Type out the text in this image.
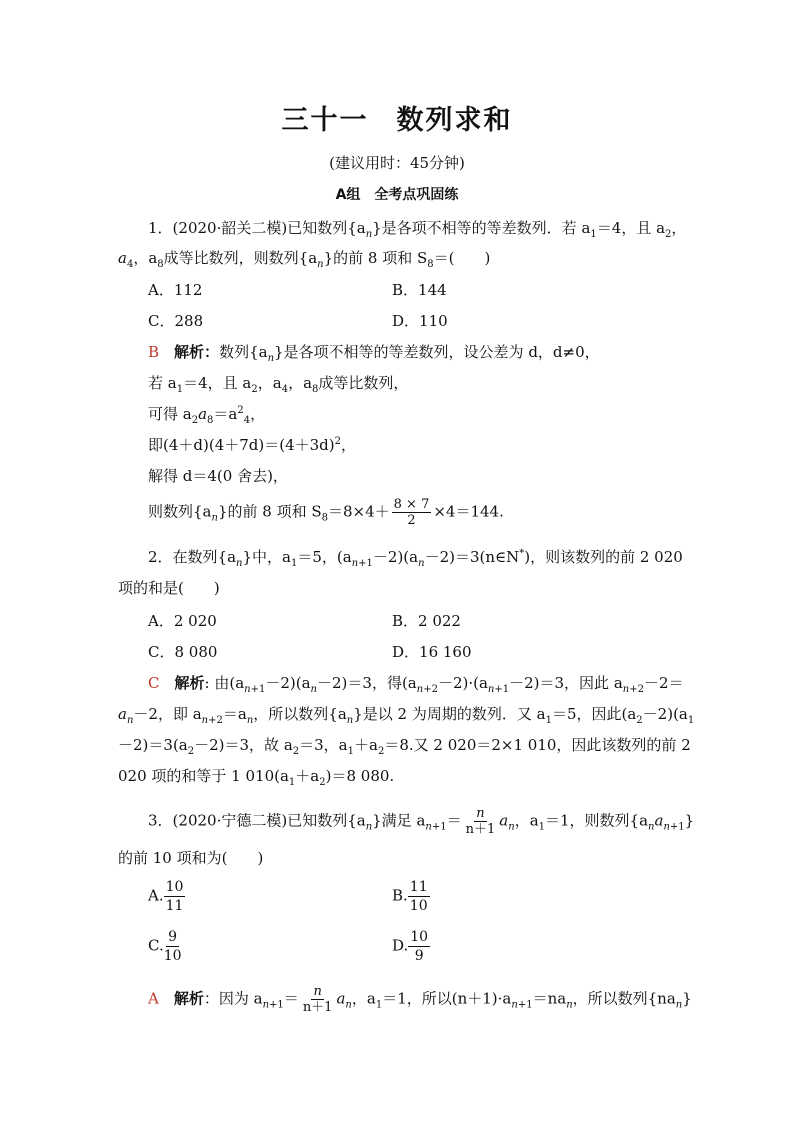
三十一 数列求和
(建议用时：45分钟)
A组　全考点巩固练
1．(2020·韶关二模)已知数列$\{a_n\}$是各项不相等的等差数列．若 $a_1=4$，且 $a_2$，
$a_4$，$a_8$成等比数列，则数列$\{a_n\}$的前 8 项和 $S_8=$(　　)
A．112	B．144
C．288	D．110
B　 解析：数列$\{a_n\}$是各项不相等的等差数列，设公差为 d，d≠0，
若 $a_1=4$，且 $a_2$，$a_4$，$a_8$成等比数列，
可得 $a_2a_8=a^2_4$，
即$(4+d)(4+7d)=(4+3d)^2$，
解得 d＝4(0 舍去)，
则数列$\{a_n\}$的前 8 项和 $S_8=8\times 4+ \frac{8 \times 7}{2} \times 4=144$.
2．在数列$\{a_n\}$中，$a_1=5$，$(a_{n+1}-2)(a_n-2)=3(n\in N^*)$，则该数列的前 2 020
项的和是(　　)
A．2 020	B．2 022
C．8 080	D．16 160
C　 解析: 由$(a_{n+1}-2)(a_n-2)=3$，得$(a_{n+2}-2)\cdot(a_{n+1}-2)=3$，因此 $a_{n+2}-2=$
$a_n-2$，即 $a_{n+2}=a_n$，所以数列$\{a_n\}$是以 2 为周期的数列．又 $a_1=5$，因此$(a_2-2)(a_1$
$-2)=3(a_2-2)=3$，故 $a_2=3$，$a_1+a_2=8$.又 2 020＝2×1 010，因此该数列的前 2
020 项的和等于 1 $010(a_1+a_2)=8$ 080.
3．(2020·宁德二模)已知数列$\{a_n\}$满足 $a_{n+1}= \frac{n}{n+1} a_n$，$a_1=1$，则数列$\{a_na_{n+1}\}$
的前 10 项和为(　　)
A. $\frac{10}{11}$	B. $\frac{11}{10}$
C. $\frac{9}{10}$	D. $\frac{10}{9}$
A　 解析：因为 $a_{n+1}= \frac{n}{n+1} a_n$，$a_1=1$，所以$(n+1)\cdot a_{n+1}=na_n$，所以数列$\{na_n\}$
